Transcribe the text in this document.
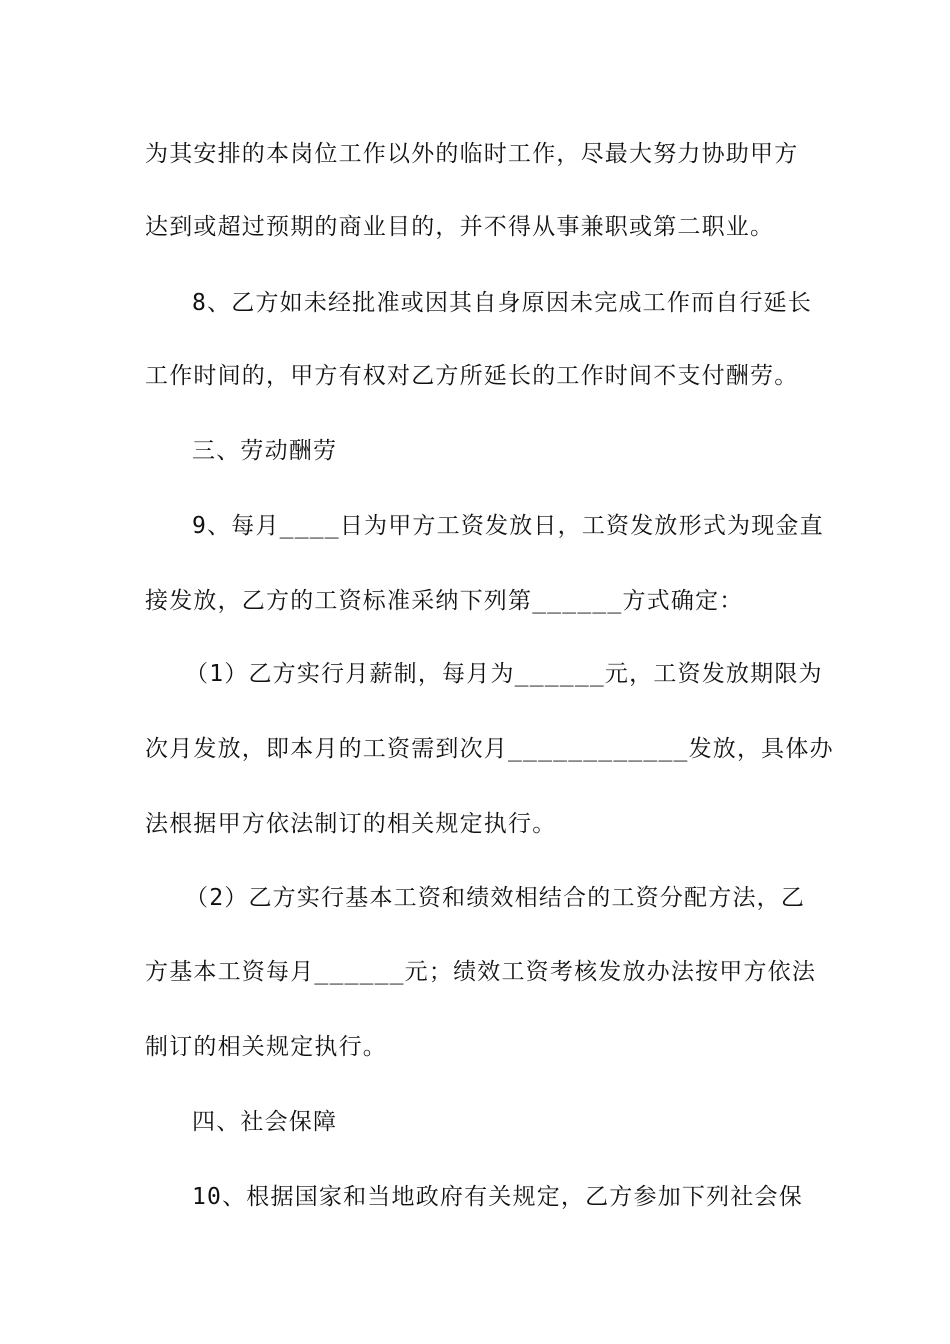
为其安排的本岗位工作以外的临时工作，尽最大努力协助甲方
达到或超过预期的商业目的，并不得从事兼职或第二职业。
8、乙方如未经批准或因其自身原因未完成工作而自行延长
工作时间的，甲方有权对乙方所延长的工作时间不支付酬劳。
三、劳动酬劳
9、每月____日为甲方工资发放日，工资发放形式为现金直
接发放，乙方的工资标准采纳下列第______方式确定：
（1）乙方实行月薪制，每月为______元，工资发放期限为
次月发放，即本月的工资需到次月____________发放，具体办
法根据甲方依法制订的相关规定执行。
（2）乙方实行基本工资和绩效相结合的工资分配方法，乙
方基本工资每月______元；绩效工资考核发放办法按甲方依法
制订的相关规定执行。
四、社会保障
10、根据国家和当地政府有关规定，乙方参加下列社会保
